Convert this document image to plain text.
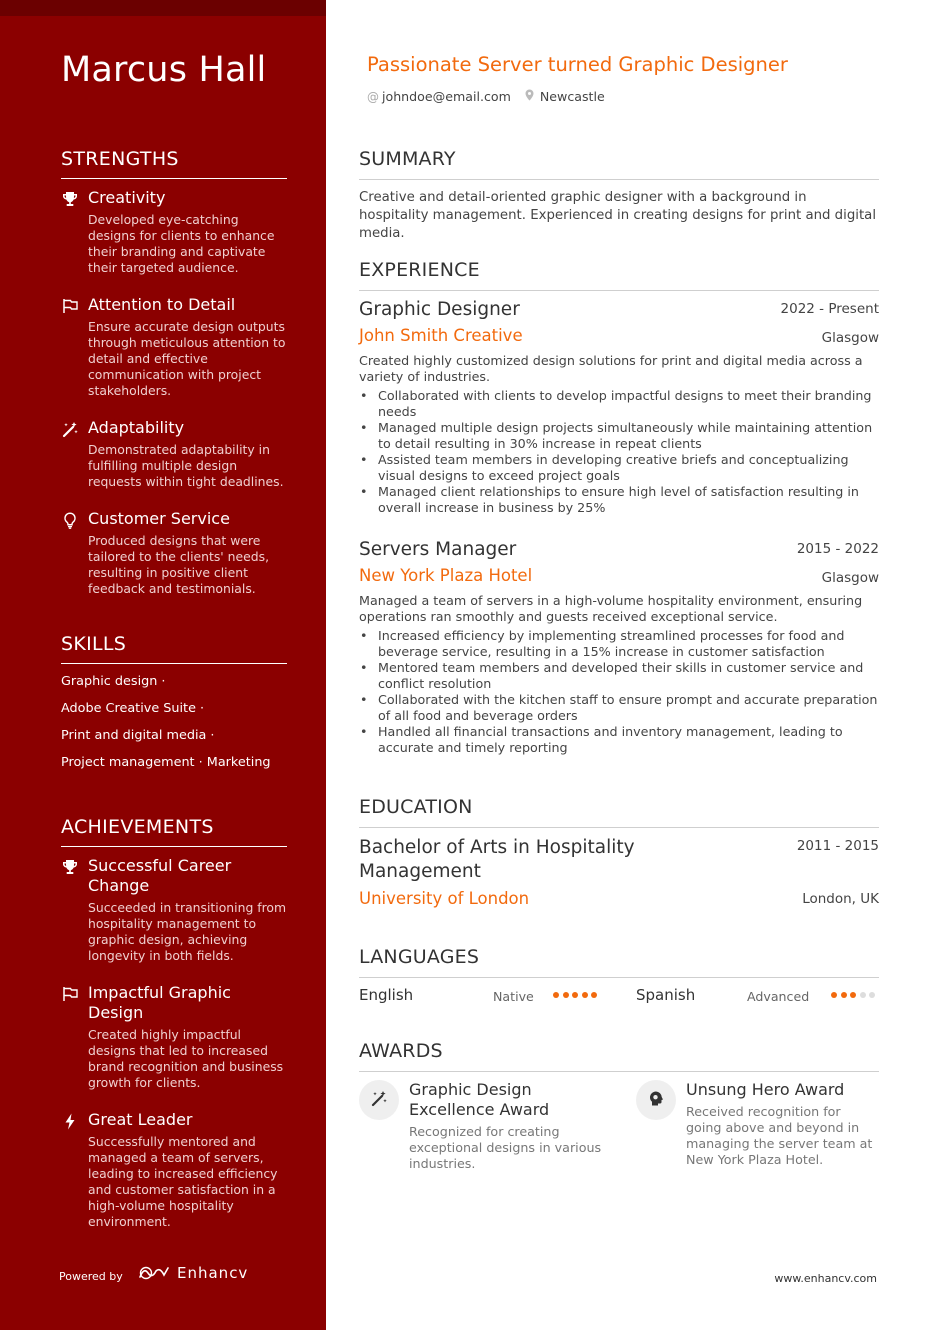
Marcus Hall
STRENGTHS
Creativity
Developed eye-catching designs for clients to enhance their branding and captivate their targeted audience.
Attention to Detail
Ensure accurate design outputs through meticulous attention to detail and effective communication with project stakeholders.
Adaptability
Demonstrated adaptability in fulfilling multiple design requests within tight deadlines.
Customer Service
Produced designs that were tailored to the clients' needs, resulting in positive client feedback and testimonials.
SKILLS
Graphic design ·
Adobe Creative Suite ·
Print and digital media ·
Project management · Marketing
ACHIEVEMENTS
Successful Career Change
Succeeded in transitioning from hospitality management to graphic design, achieving longevity in both fields.
Impactful Graphic Design
Created highly impactful designs that led to increased brand recognition and business growth for clients.
Great Leader
Successfully mentored and managed a team of servers, leading to increased efficiency and customer satisfaction in a high-volume hospitality environment.
Powered by	Enhancv
Passionate Server turned Graphic Designer
@ johndoe@email.com Newcastle
SUMMARY
Creative and detail-oriented graphic designer with a background in hospitality management. Experienced in creating designs for print and digital media.
EXPERIENCE
Graphic Designer	2022 - Present
John Smith Creative	Glasgow
Created highly customized design solutions for print and digital media across a variety of industries.
• Collaborated with clients to develop impactful designs to meet their branding needs
• Managed multiple design projects simultaneously while maintaining attention to detail resulting in 30% increase in repeat clients
• Assisted team members in developing creative briefs and conceptualizing visual designs to exceed project goals
• Managed client relationships to ensure high level of satisfaction resulting in overall increase in business by 25%
Servers Manager	2015 - 2022
New York Plaza Hotel	Glasgow
Managed a team of servers in a high-volume hospitality environment, ensuring operations ran smoothly and guests received exceptional service.
• Increased efficiency by implementing streamlined processes for food and beverage service, resulting in a 15% increase in customer satisfaction
• Mentored team members and developed their skills in customer service and conflict resolution
• Collaborated with the kitchen staff to ensure prompt and accurate preparation of all food and beverage orders
• Handled all financial transactions and inventory management, leading to accurate and timely reporting
EDUCATION
Bachelor of Arts in Hospitality Management
2011 - 2015
University of London	London, UK
LANGUAGES
English	Native	Spanish	Advanced
AWARDS
Graphic Design Excellence Award
Recognized for creating exceptional designs in various industries.
Unsung Hero Award
Received recognition for going above and beyond in managing the server team at New York Plaza Hotel.
www.enhancv.com
